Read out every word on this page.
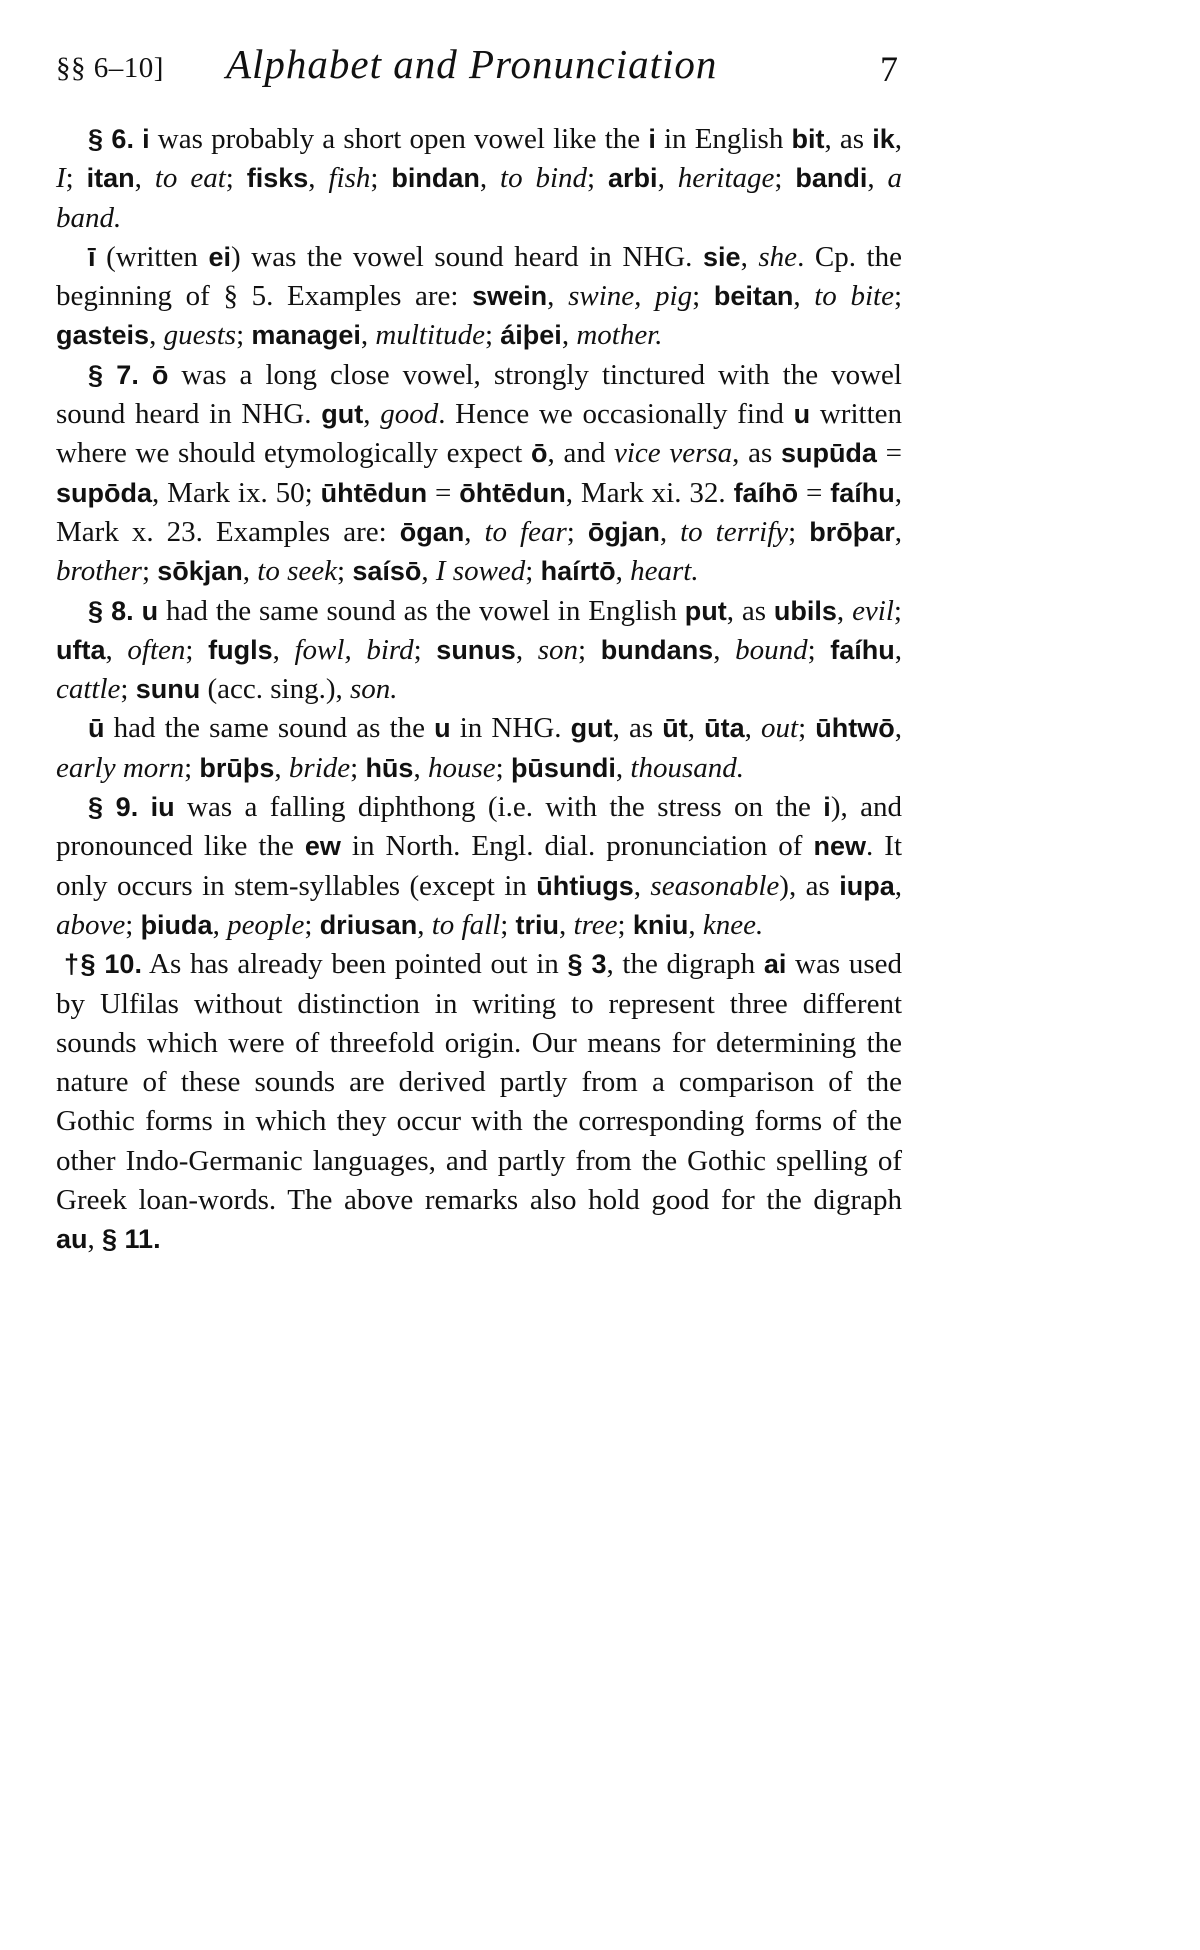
§§ 6–10] Alphabet and Pronunciation	7

§ 6. i was probably a short open vowel like the i in English bit, as ik, I; itan, to eat; fisks, fish; bindan, to bind; arbi, heritage; bandi, a band.

ī (written ei) was the vowel sound heard in NHG. sie, she. Cp. the beginning of § 5. Examples are: swein, swine, pig; beitan, to bite; gasteis, guests; managei, multitude; áiþei, mother.

§ 7. ō was a long close vowel, strongly tinctured with the vowel sound heard in NHG. gut, good. Hence we occasionally find u written where we should etymologically expect ō, and vice versa, as supūda = supōda, Mark ix. 50; ūhtēdun = ōhtēdun, Mark xi. 32. faíhō = faíhu, Mark x. 23. Examples are: ōgan, to fear; ōgjan, to terrify; brōþar, brother; sōkjan, to seek; saísō, I sowed; haírtō, heart.

§ 8. u had the same sound as the vowel in English put, as ubils, evil; ufta, often; fugls, fowl, bird; sunus, son; bundans, bound; faíhu, cattle; sunu (acc. sing.), son.

ū had the same sound as the u in NHG. gut, as ūt, ūta, out; ūhtwō, early morn; brūþs, bride; hūs, house; þūsundi, thousand.

§ 9. iu was a falling diphthong (i.e. with the stress on the i), and pronounced like the ew in North. Engl. dial. pronunciation of new. It only occurs in stem-syllables (except in ūhtiugs, seasonable), as iupa, above; þiuda, people; driusan, to fall; triu, tree; kniu, knee.

†§ 10. As has already been pointed out in § 3, the digraph ai was used by Ulfilas without distinction in writing to represent three different sounds which were of threefold origin. Our means for determining the nature of these sounds are derived partly from a comparison of the Gothic forms in which they occur with the corresponding forms of the other Indo-Germanic languages, and partly from the Gothic spelling of Greek loan-words. The above remarks also hold good for the digraph au, § 11.
